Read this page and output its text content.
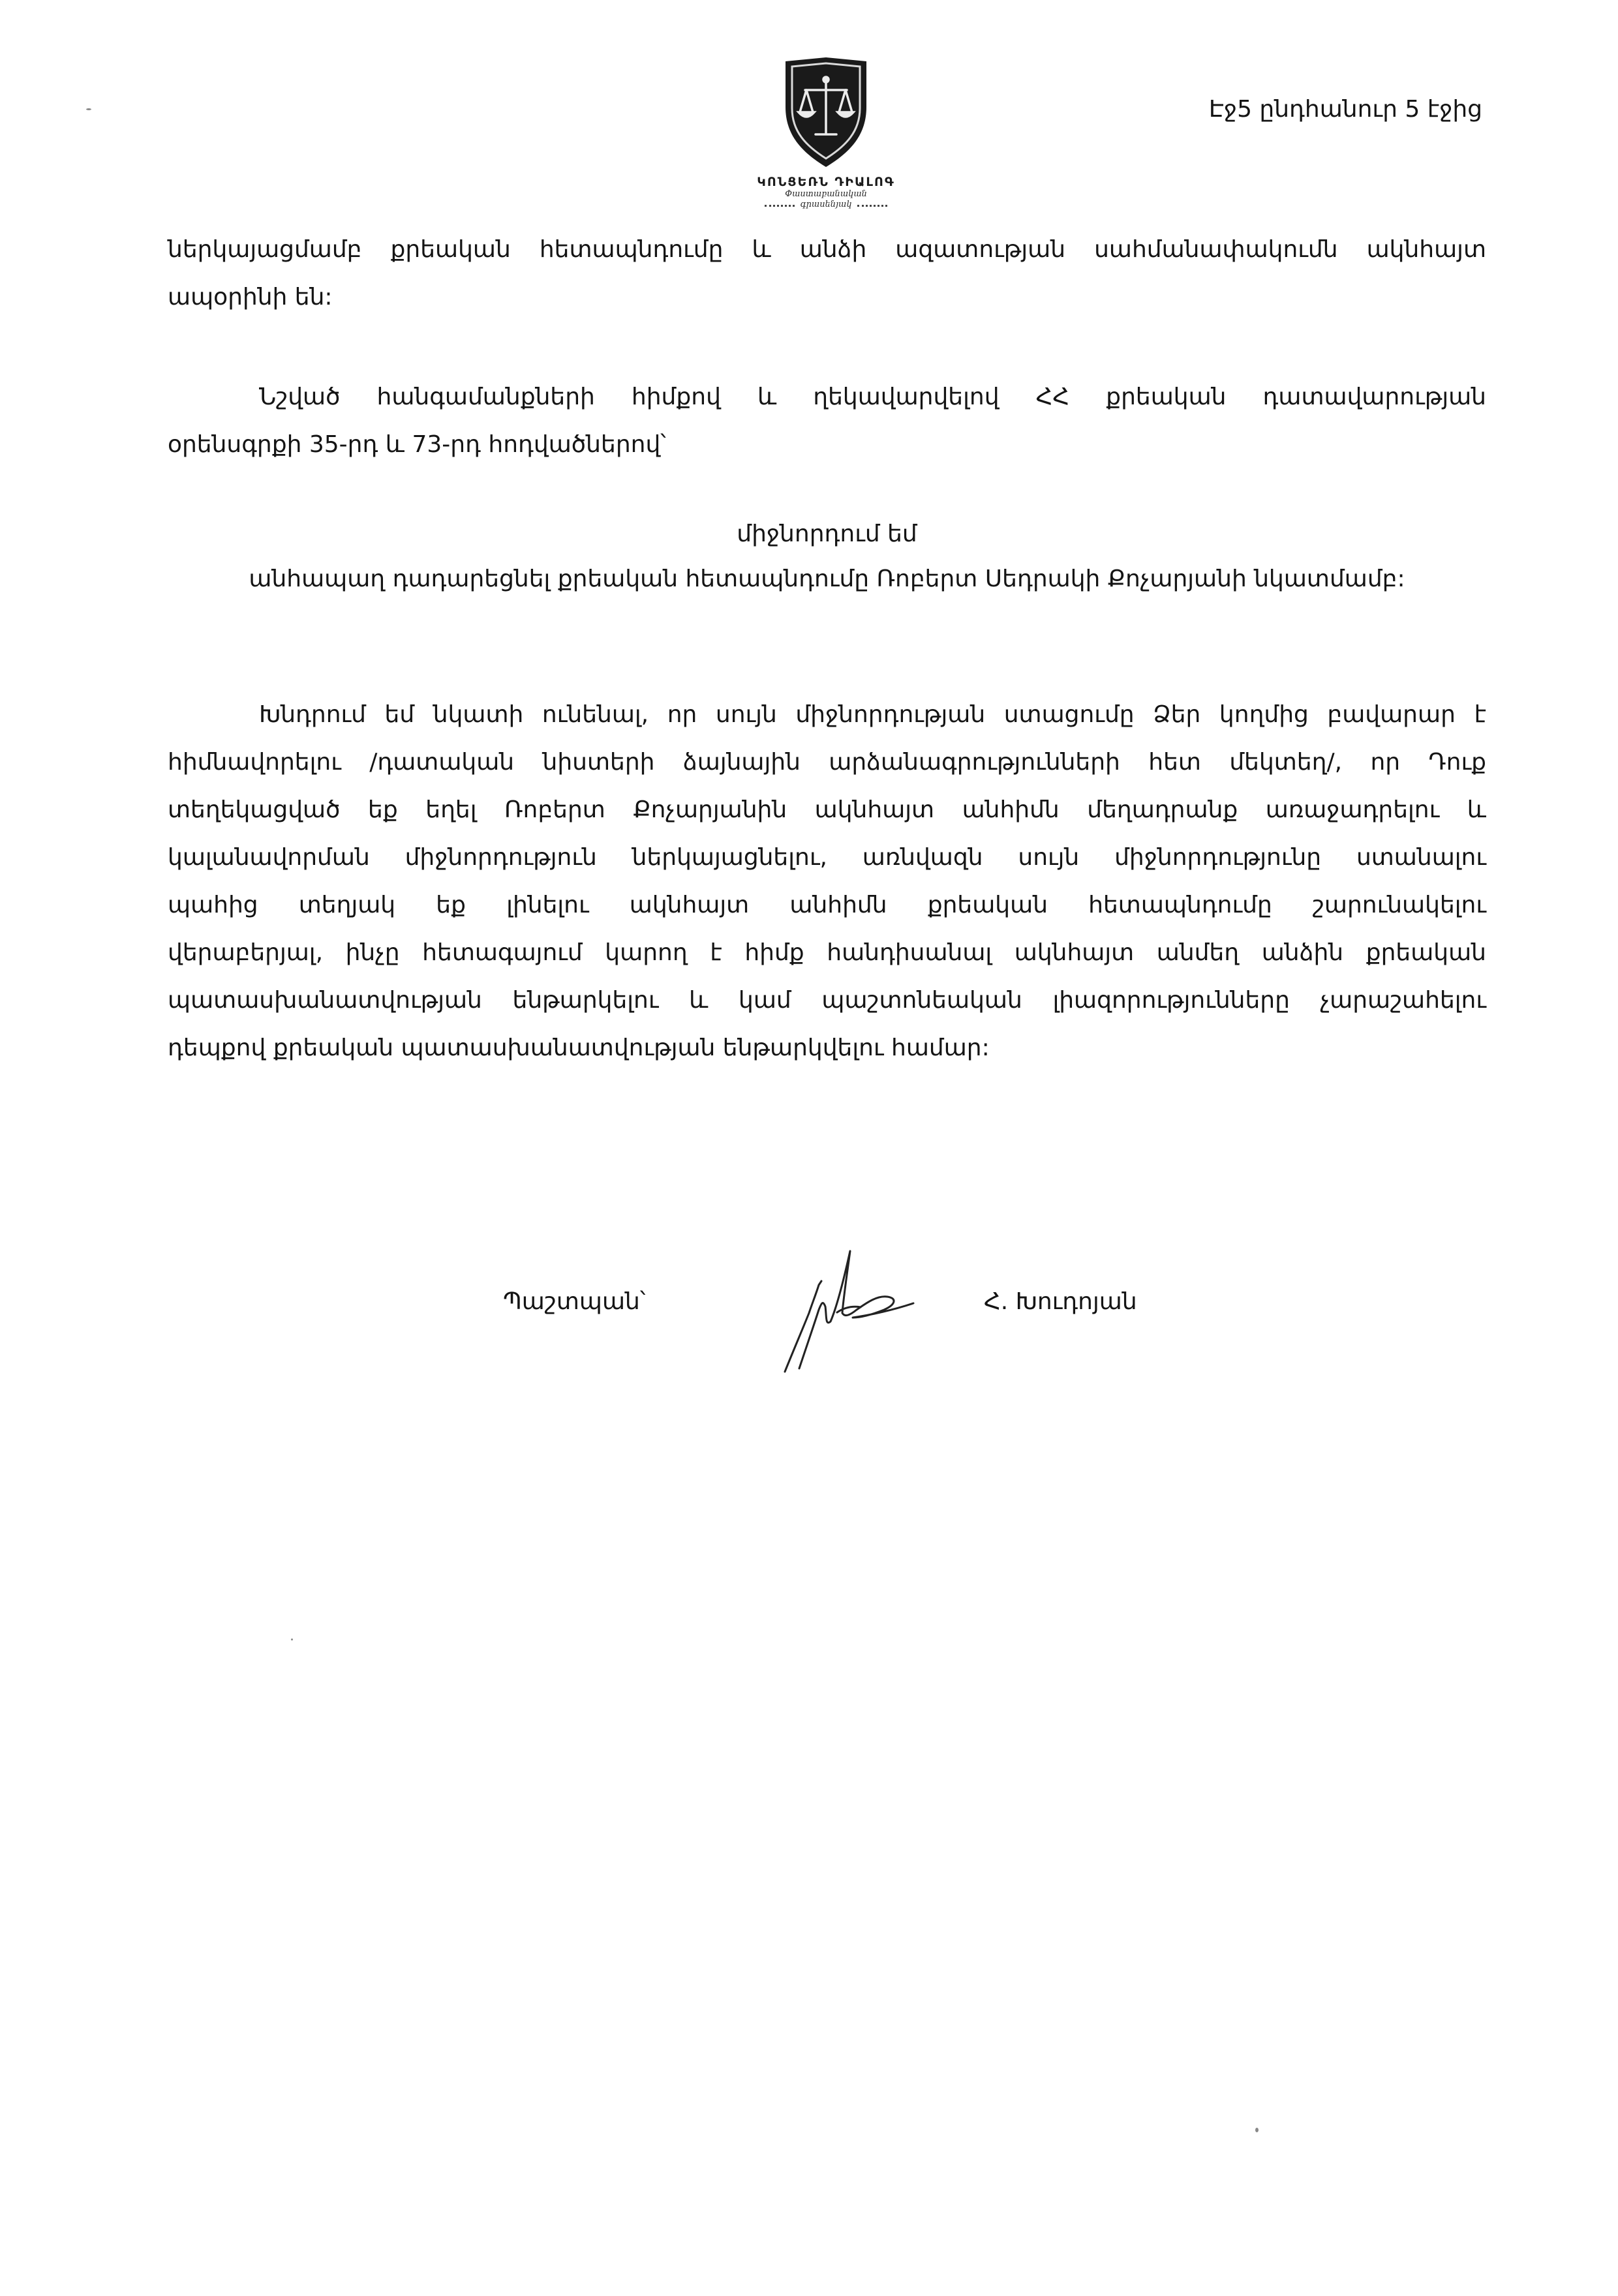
Էջ5 ընդհանուր 5 էջից
ԿՈՆՑԵՌՆ ԴԻԱԼՈԳ
Փաստաբանական
գրասենյակ
ներկայացմամբ քրեական հետապնդումը և անձի ազատության սահմանափակումն ակնհայտ
ապօրինի են:
Նշված հանգամանքների հիմքով և ղեկավարվելով ՀՀ քրեական դատավարության
օրենսգրքի 35-րդ և 73-րդ հոդվածներով՝
միջնորդում եմ
անհապաղ դադարեցնել քրեական հետապնդումը Ռոբերտ Սեդրակի Քոչարյանի նկատմամբ:
Խնդրում եմ նկատի ունենալ, որ սույն միջնորդության ստացումը Ձեր կողմից բավարար է
հիմնավորելու /դատական նիստերի ձայնային արձանագրությունների հետ մեկտեղ/, որ Դուք
տեղեկացված եք եղել Ռոբերտ Քոչարյանին ակնհայտ անհիմն մեղադրանք առաջադրելու և
կալանավորման միջնորդություն ներկայացնելու, առնվազն սույն միջնորդությունը ստանալու
պահից տեղյակ եք լինելու ակնհայտ անհիմն քրեական հետապնդումը շարունակելու
վերաբերյալ, ինչը հետագայում կարող է հիմք հանդիսանալ ակնհայտ անմեղ անձին քրեական
պատասխանատվության ենթարկելու և կամ պաշտոնեական լիազորությունները չարաշահելու
դեպքով քրեական պատասխանատվության ենթարկվելու համար:
Պաշտպան՝	Հ. Խուդոյան
